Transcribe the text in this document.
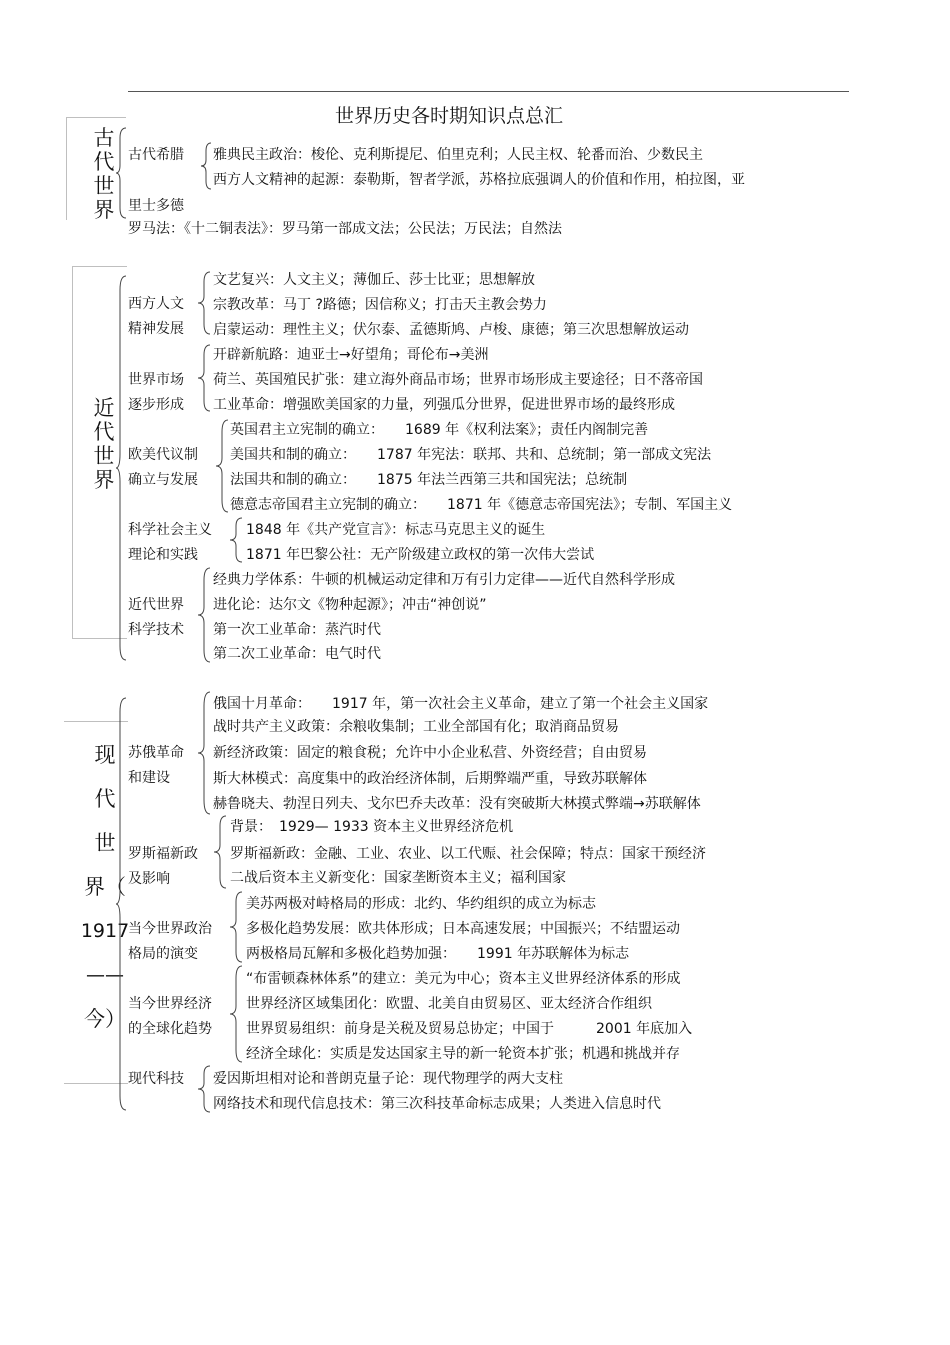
世界历史各时期知识点总汇
古
代
世
界
古代希腊 雅典民主政治：梭伦、克利斯提尼、伯里克利；人民主权、轮番而治、少数民主
西方人文精神的起源：泰勒斯，智者学派，苏格拉底强调人的价值和作用，柏拉图，亚
里士多德
罗马法：《十二铜表法》：罗马第一部成文法；公民法；万民法；自然法
近
代
世
界
西方人文
精神发展
文艺复兴：人文主义；薄伽丘、莎士比亚；思想解放
宗教改革：马丁 ?路德；因信称义；打击天主教会势力
启蒙运动：理性主义；伏尔泰、孟德斯鸠、卢梭、康德；第三次思想解放运动
世界市场
逐步形成
开辟新航路：迪亚士→好望角；哥伦布→美洲
荷兰、英国殖民扩张：建立海外商品市场；世界市场形成主要途径；日不落帝国
工业革命：增强欧美国家的力量，列强瓜分世界，促进世界市场的最终形成
欧美代议制
确立与发展
英国君主立宪制的确立：　　1689 年《权利法案》；责任内阁制完善
美国共和制的确立：　　1787 年宪法：联邦、共和、总统制；第一部成文宪法
法国共和制的确立：　　1875 年法兰西第三共和国宪法；总统制
德意志帝国君主立宪制的确立：　　1871 年《德意志帝国宪法》；专制、军国主义
科学社会主义
理论和实践
1848 年《共产党宣言》：标志马克思主义的诞生
1871 年巴黎公社：无产阶级建立政权的第一次伟大尝试
近代世界
科学技术
经典力学体系：牛顿的机械运动定律和万有引力定律——近代自然科学形成
进化论：达尔文《物种起源》；冲击“神创说”
第一次工业革命：蒸汽时代
第二次工业革命：电气时代
现
代
世
界（
1917
——
今）
苏俄革命
和建设
俄国十月革命：　　1917 年，第一次社会主义革命，建立了第一个社会主义国家
战时共产主义政策：余粮收集制；工业全部国有化；取消商品贸易
新经济政策：固定的粮食税；允许中小企业私营、外资经营；自由贸易
斯大林模式：高度集中的政治经济体制，后期弊端严重，导致苏联解体
赫鲁晓夫、勃涅日列夫、戈尔巴乔夫改革：没有突破斯大林摸式弊端→苏联解体
罗斯福新政
及影响
背景：　1929— 1933 资本主义世界经济危机
罗斯福新政：金融、工业、农业、以工代赈、社会保障；特点：国家干预经济
二战后资本主义新变化：国家垄断资本主义；福利国家
当今世界政治
格局的演变
美苏两极对峙格局的形成：北约、华约组织的成立为标志
多极化趋势发展：欧共体形成；日本高速发展；中国振兴；不结盟运动
两极格局瓦解和多极化趋势加强：　　1991 年苏联解体为标志
当今世界经济
的全球化趋势
“布雷顿森林体系”的建立：美元为中心；资本主义世界经济体系的形成
世界经济区域集团化：欧盟、北美自由贸易区、亚太经济合作组织
世界贸易组织：前身是关税及贸易总协定；中国于　　　2001 年底加入
经济全球化：实质是发达国家主导的新一轮资本扩张；机遇和挑战并存
现代科技 爱因斯坦相对论和普朗克量子论：现代物理学的两大支柱
网络技术和现代信息技术：第三次科技革命标志成果；人类进入信息时代
